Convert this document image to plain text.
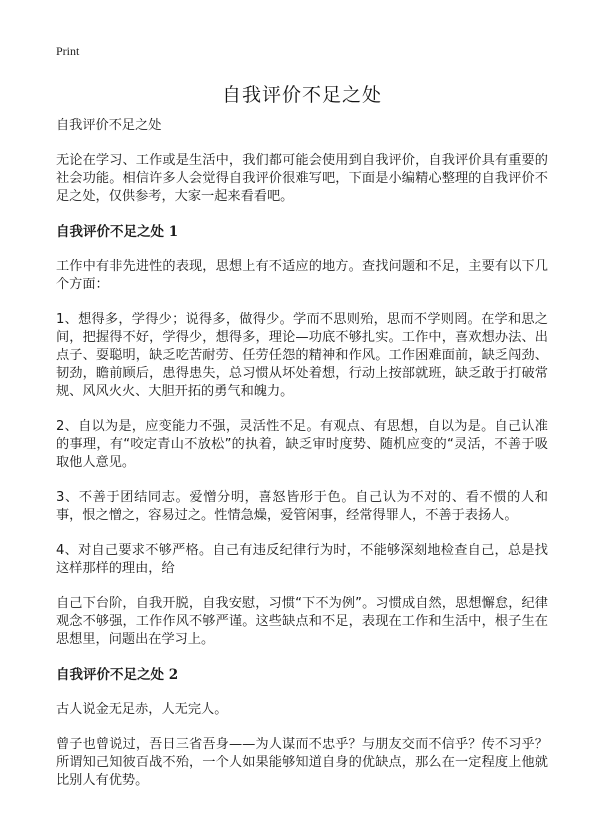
Print
自我评价不足之处

自我评价不足之处

无论在学习、工作或是生活中，我们都可能会使用到自我评价，自我评价具有重要的社会功能。相信许多人会觉得自我评价很难写吧，下面是小编精心整理的自我评价不足之处，仅供参考，大家一起来看看吧。

自我评价不足之处 1

工作中有非先进性的表现，思想上有不适应的地方。查找问题和不足，主要有以下几个方面：

1、想得多，学得少；说得多，做得少。学而不思则殆，思而不学则罔。在学和思之间，把握得不好，学得少，想得多，理论—功底不够扎实。工作中，喜欢想办法、出点子、耍聪明，缺乏吃苦耐劳、任劳任怨的精神和作风。工作困难面前，缺乏闯劲、韧劲，瞻前顾后，患得患失，总习惯从坏处着想，行动上按部就班，缺乏敢于打破常规、风风火火、大胆开拓的勇气和魄力。

2、自以为是，应变能力不强，灵活性不足。有观点、有思想，自以为是。自己认准的事理，有“咬定青山不放松”的执着，缺乏审时度势、随机应变的“灵活，不善于吸取他人意见。

3、不善于团结同志。爱憎分明，喜怒皆形于色。自己认为不对的、看不惯的人和事，恨之憎之，容易过之。性情急燥，爱管闲事，经常得罪人，不善于表扬人。

4、对自己要求不够严格。自己有违反纪律行为时，不能够深刻地检查自己，总是找这样那样的理由，给

自己下台阶，自我开脱，自我安慰，习惯“下不为例”。习惯成自然，思想懈怠，纪律观念不够强，工作作风不够严谨。这些缺点和不足，表现在工作和生活中，根子生在思想里，问题出在学习上。

自我评价不足之处 2

古人说金无足赤，人无完人。

曾子也曾说过，吾日三省吾身——为人谋而不忠乎？与朋友交而不信乎？传不习乎？所谓知己知彼百战不殆，一个人如果能够知道自身的优缺点，那么在一定程度上他就比别人有优势。
